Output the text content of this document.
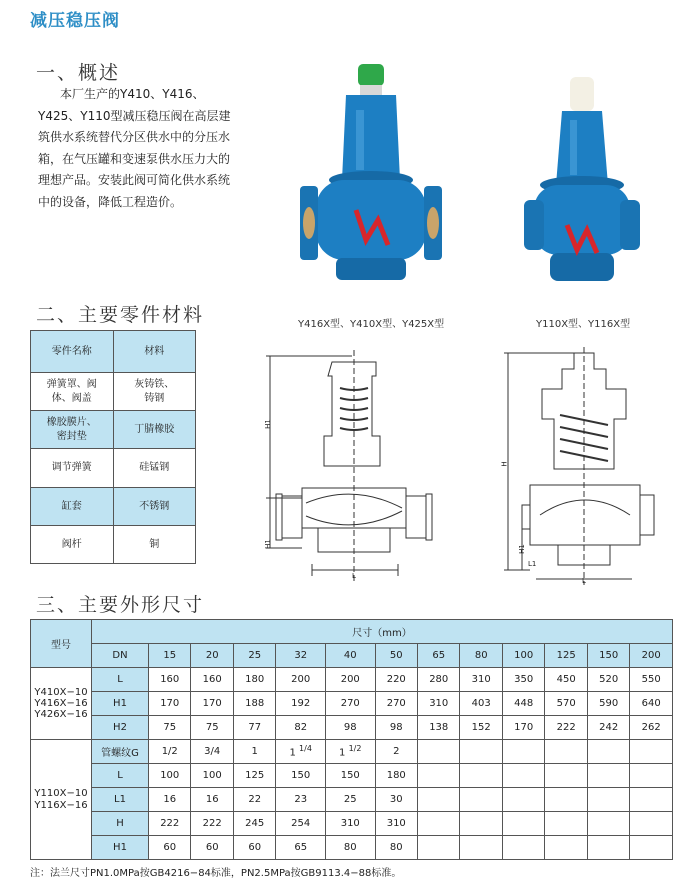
减压稳压阀
一、概述
本厂生产的Y410、Y416、Y425、Y110型减压稳压阀在高层建筑供水系统替代分区供水中的分压水箱，在气压罐和变速泵供水压力大的理想产品。安装此阀可简化供水系统中的设备，降低工程造价。
Y416X型、Y410X型、Y425X型	Y110X型、Y116X型
二、主要零件材料
零件名称	材料
弹簧罩、阀体、阀盖	灰铸铁、铸钢
橡胶膜片、密封垫	丁腈橡胶
调节弹簧	硅锰钢
缸套	不锈钢
阀杆	铜
H1
H1
L
H
H1
L1
L
三、主要外形尺寸
型号	尺寸（mm）												
	DN	15	20	25	32	40	50	65	80	100	125	150	200

Y410X−10
Y416X−16
Y426X−16	L	160	160	180	200	200	220	280	310	350	450	520	550
	H1	170	170	188	192	270	270	310	403	448	570	590	640
	H2	75	75	77	82	98	98	138	152	170	222	242	262

Y110X−10
Y116X−16	管螺纹G	1/2	3/4	1	1 $^{1/4}$	1 $^{1/2}$	2						
	L	100	100	125	150	150	180						
	L1	16	16	22	23	25	30						
	H	222	222	245	254	310	310						
	H1	60	60	60	65	80	80						
注：法兰尺寸PN1.0MPa按GB4216−84标准，PN2.5MPa按GB9113.4−88标准。
